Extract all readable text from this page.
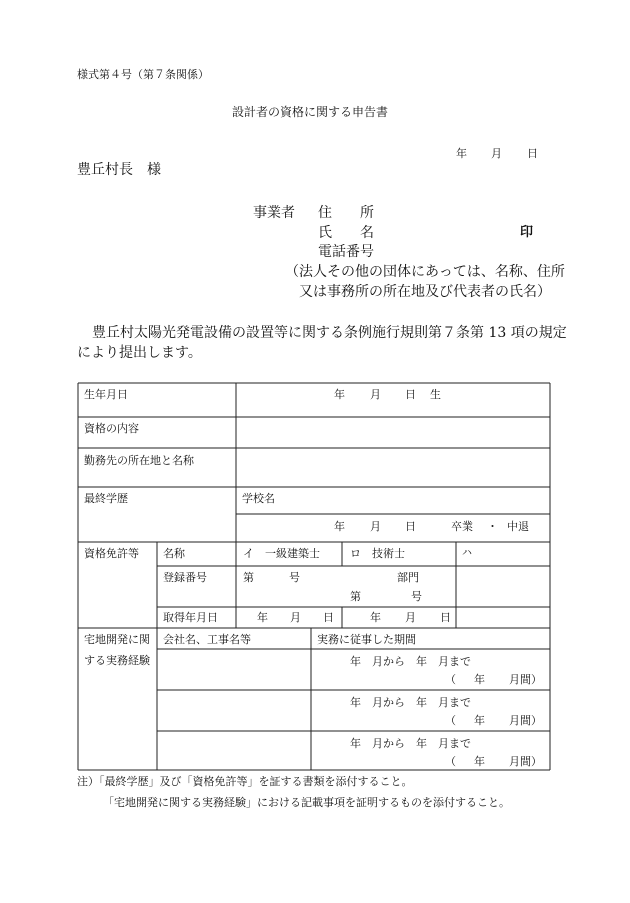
様式第４号（第７条関係）
設計者の資格に関する申告書
年 月 日
豊丘村長　様
事業者 住　　所
氏　　名	印
電話番号
（法人その他の団体にあっては、名称、住所
又は事務所の所在地及び代表者の氏名）
豊丘村太陽光発電設備の設置等に関する条例施行規則第７条第 13 項の規定
により提出します。
生年月日	年 月 日 生
資格の内容
勤務先の所在地と名称
最終学歴	学校名
年 月 日	卒業 ・ 中退
資格免許等 名称	イ　一級建築士	ロ　技術士	ハ
登録番号	第	号	部門
第	号
取得年月日	年 月 日	年 月 日
宅地開発に関
する実務経験
会社名、工事名等	実務に従事した期間
年　月から　年　月まで
（ 年 月間）
年　月から　年　月まで
（ 年 月間）
年　月から　年　月まで
（ 年 月間）
注）「最終学歴」及び「資格免許等」を証する書類を添付すること。
「宅地開発に関する実務経験」における記載事項を証明するものを添付すること。
